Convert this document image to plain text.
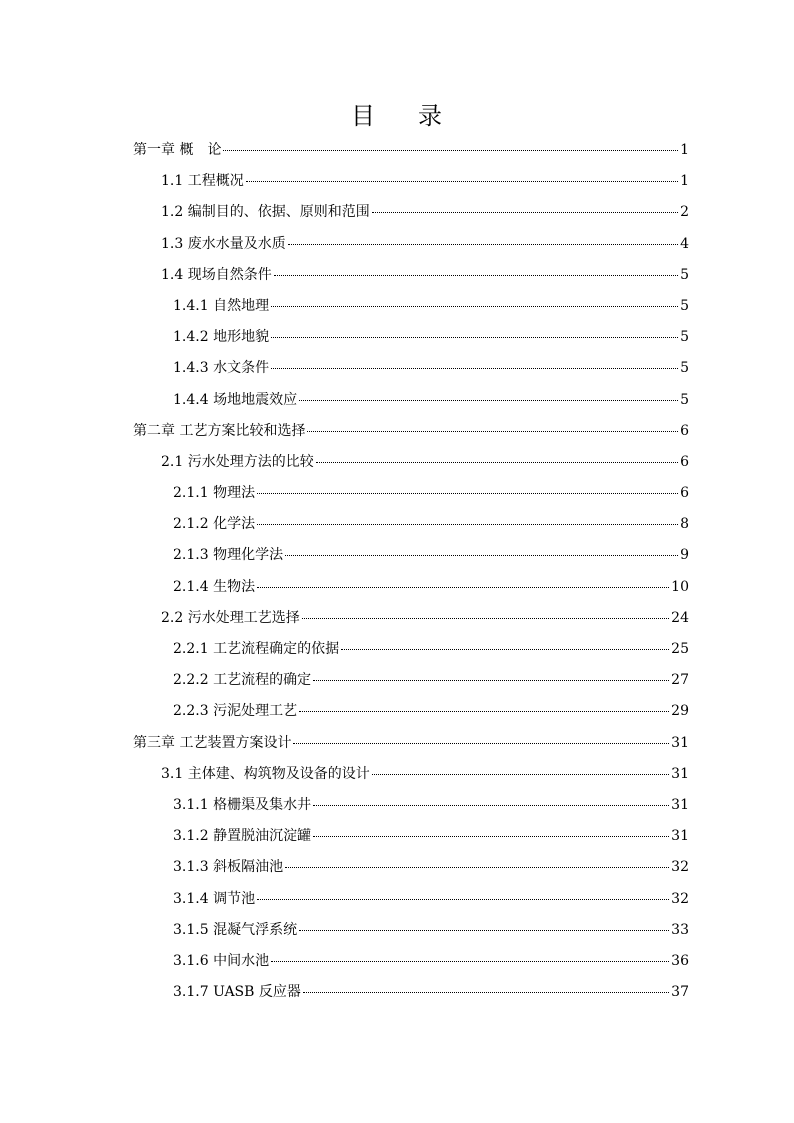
目 录
第一章 概　论	1
1.1 工程概况	1
1.2 编制目的、依据、原则和范围	2
1.3 废水水量及水质	4
1.4 现场自然条件	5
1.4.1 自然地理	5
1.4.2 地形地貌	5
1.4.3 水文条件	5
1.4.4 场地地震效应	5
第二章 工艺方案比较和选择	6
2.1 污水处理方法的比较	6
2.1.1 物理法	6
2.1.2 化学法	8
2.1.3 物理化学法	9
2.1.4 生物法	10
2.2 污水处理工艺选择	24
2.2.1 工艺流程确定的依据	25
2.2.2 工艺流程的确定	27
2.2.3 污泥处理工艺	29
第三章 工艺装置方案设计	31
3.1 主体建、构筑物及设备的设计	31
3.1.1 格栅渠及集水井	31
3.1.2 静置脱油沉淀罐	31
3.1.3 斜板隔油池	32
3.1.4 调节池	32
3.1.5 混凝气浮系统	33
3.1.6 中间水池	36
3.1.7 UASB 反应器	37
